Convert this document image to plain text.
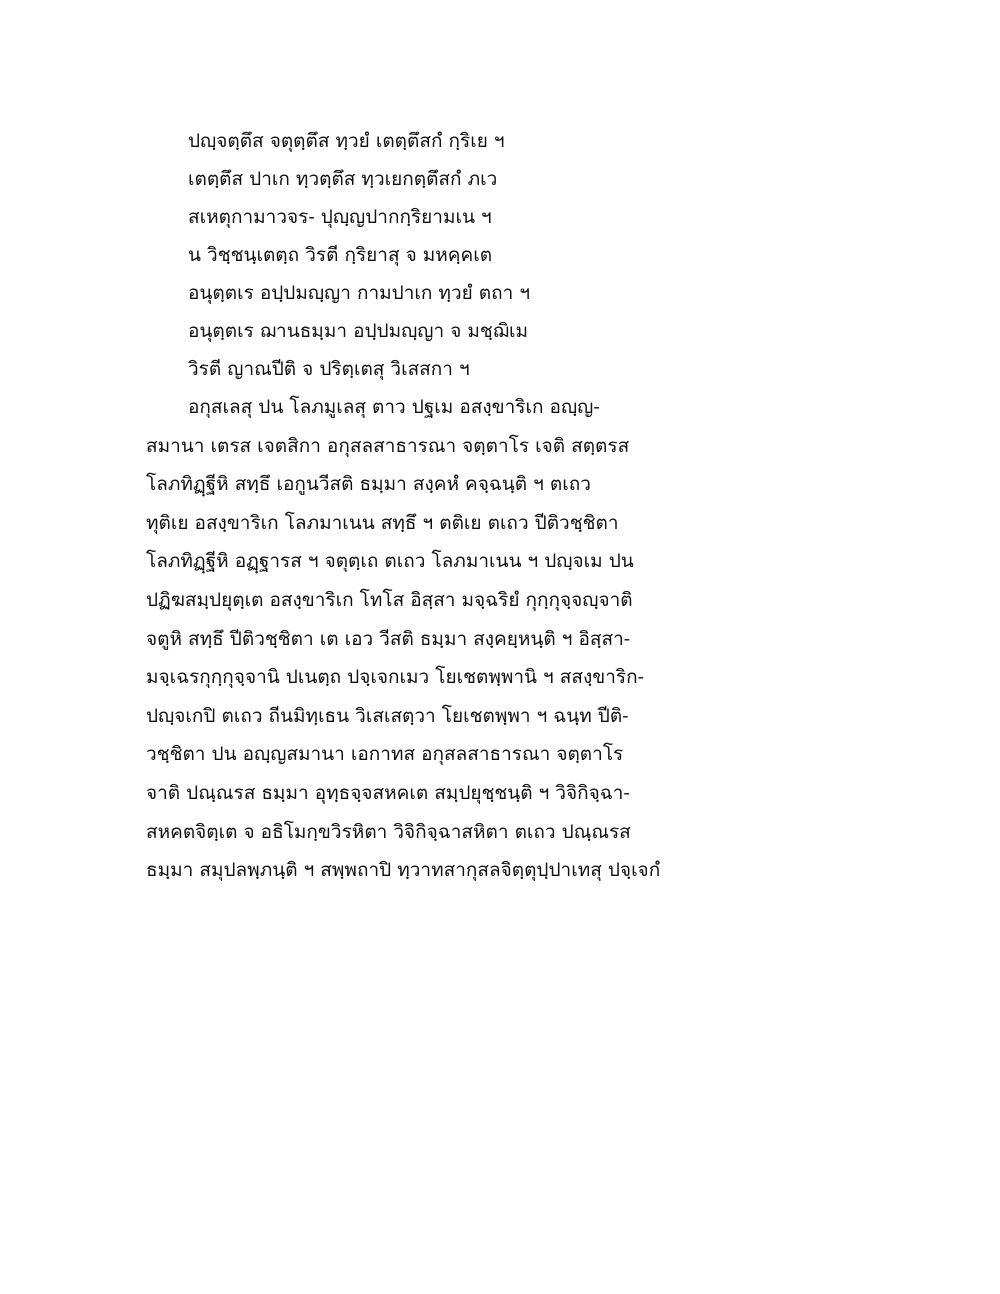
ปญฺจตฺตึส จตุตฺตึส ทฺวยํ เตตฺตึสกํ กฺริเย ฯ
เตตฺตึส ปาเก ทฺวตฺตึส ทฺวเยกตฺตึสกํ ภเว
สเหตุกามาวจร- ปุญฺญปากกฺริยามเน ฯ
น วิชฺชนฺเตตฺถ วิรตี กฺริยาสุ จ มหคฺคเต
อนุตฺตเร อปฺปมญฺญา กามปาเก ทฺวยํ ตถา ฯ
อนุตฺตเร ฌานธมฺมา อปฺปมญฺญา จ มชฺฌิเม
วิรตี ญาณปีติ จ ปริตฺเตสุ วิเสสกา ฯ
อกุสเลสุ ปน โลภมูเลสุ ตาว ปฐเม อสงฺขาริเก อญฺญ-
สมานา เตรส เจตสิกา อกุสลสาธารณา จตฺตาโร เจติ สตฺตรส
โลภทิฏฺฐีหิ สทฺธึ เอกูนวีสติ ธมฺมา สงฺคหํ คจฺฉนฺติ ฯ ตเถว
ทุติเย อสงฺขาริเก โลภมาเนน สทฺธึ ฯ ตติเย ตเถว ปีติวชฺชิตา
โลภทิฏฺฐีหิ อฏฺฐารส ฯ จตุตฺเถ ตเถว โลภมาเนน ฯ ปญฺจเม ปน
ปฏิฆสมฺปยุตฺเต อสงฺขาริเก โทโส อิสฺสา มจฺฉริยํ กุกฺกุจฺจญฺจาติ
จตูหิ สทฺธึ ปีติวชฺชิตา เต เอว วีสติ ธมฺมา สงฺคยฺหนฺติ ฯ อิสฺสา-
มจฺเฉรกุกฺกุจฺจานิ ปเนตฺถ ปจฺเจกเมว โยเชตพฺพานิ ฯ สสงฺขาริก-
ปญฺจเกปิ ตเถว ถีนมิทฺเธน วิเสเสตฺวา โยเชตพฺพา ฯ ฉนฺท ปีติ-
วชฺชิตา ปน อญฺญสมานา เอกาทส อกุสลสาธารณา จตฺตาโร
จาติ ปณฺณรส ธมฺมา อุทฺธจฺจสหคเต สมฺปยุชฺชนฺติ ฯ วิจิกิจฺฉา-
สหคตจิตฺเต จ อธิโมกฺขวิรหิตา วิจิกิจฺฉาสหิตา ตเถว ปณฺณรส
ธมฺมา สมุปลพฺภนฺติ ฯ สพฺพถาปิ ทฺวาทสากุสลจิตฺตุปฺปาเทสุ ปจฺเจกํ
